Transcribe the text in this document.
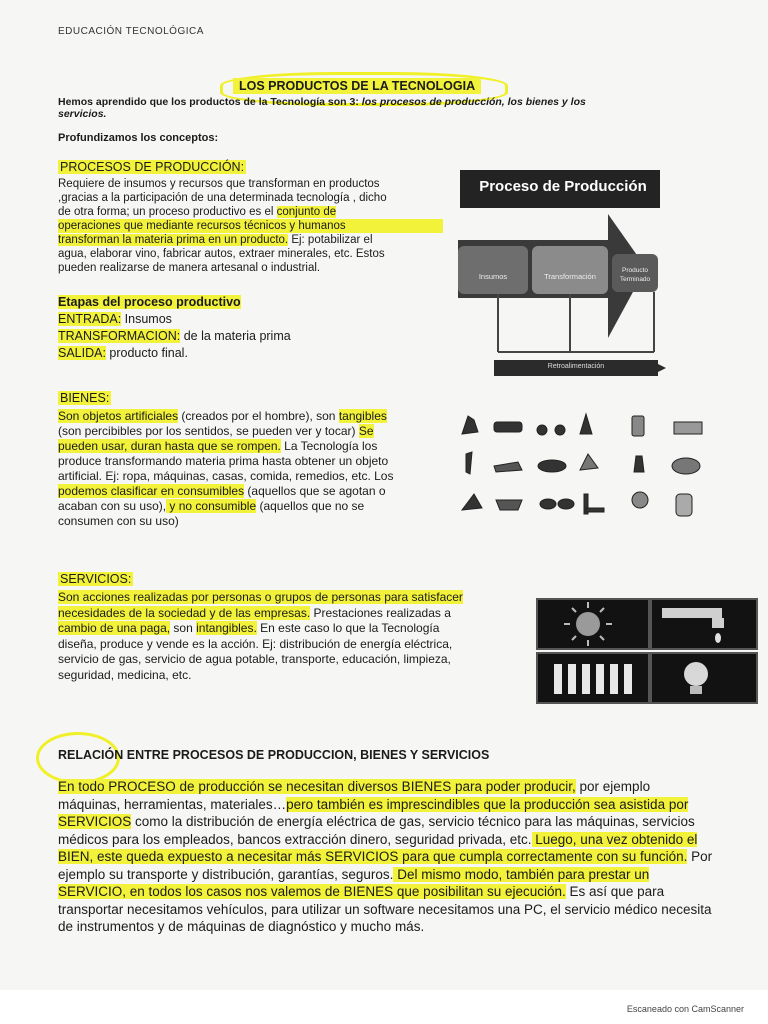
EDUCACIÓN TECNOLÓGICA
LOS PRODUCTOS DE LA TECNOLOGIA
Hemos aprendido que los productos de la Tecnología son 3: los procesos de producción, los bienes y los servicios.
Profundizamos los conceptos:
PROCESOS DE PRODUCCIÓN:
Requiere de insumos y recursos que transforman en productos
,gracias a la participación de una determinada tecnología , dicho
de otra forma; un proceso productivo es el conjunto de
operaciones que mediante recursos técnicos y humanos
transforman la materia prima en un producto. Ej: potabilizar el
agua, elaborar vino, fabricar autos, extraer minerales, etc. Estos
pueden realizarse de manera artesanal o industrial.
Etapas del proceso productivo
ENTRADA: Insumos
TRANSFORMACION: de la materia prima
SALIDA: producto final.
Proceso de Producción
Insumos	Transformación
Producto
Terminado
Retroalimentación
BIENES:
Son objetos artificiales (creados por el hombre), son tangibles
(son percibibles por los sentidos, se pueden ver y tocar) Se
pueden usar, duran hasta que se rompen. La Tecnología los
produce transformando materia prima hasta obtener un objeto
artificial. Ej: ropa, máquinas, casas, comida, remedios, etc. Los
podemos clasificar en consumibles (aquellos que se agotan o
acaban con su uso), y no consumible (aquellos que no se
consumen con su uso)
SERVICIOS:
Son acciones realizadas por personas o grupos de personas para satisfacer
necesidades de la sociedad y de las empresas. Prestaciones realizadas a
cambio de una paga, son intangibles. En este caso lo que la Tecnología
diseña, produce y vende es la acción. Ej: distribución de energía eléctrica,
servicio de gas, servicio de agua potable, transporte, educación, limpieza,
seguridad, medicina, etc.
RELACIÓN ENTRE PROCESOS DE PRODUCCION, BIENES Y SERVICIOS
En todo PROCESO de producción se necesitan diversos BIENES para poder producir, por ejemplo
máquinas, herramientas, materiales…pero también es imprescindibles que la producción sea asistida por
SERVICIOS como la distribución de energía eléctrica de gas, servicio técnico para las máquinas, servicios
médicos para los empleados, bancos extracción dinero, seguridad privada, etc. Luego, una vez obtenido el
BIEN, este queda expuesto a necesitar más SERVICIOS para que cumpla correctamente con su función. Por
ejemplo su transporte y distribución, garantías, seguros. Del mismo modo, también para prestar un
SERVICIO, en todos los casos nos valemos de BIENES que posibilitan su ejecución. Es así que para
transportar necesitamos vehículos, para utilizar un software necesitamos una PC, el servicio médico necesita
de instrumentos y de máquinas de diagnóstico y mucho más.
Escaneado con CamScanner
